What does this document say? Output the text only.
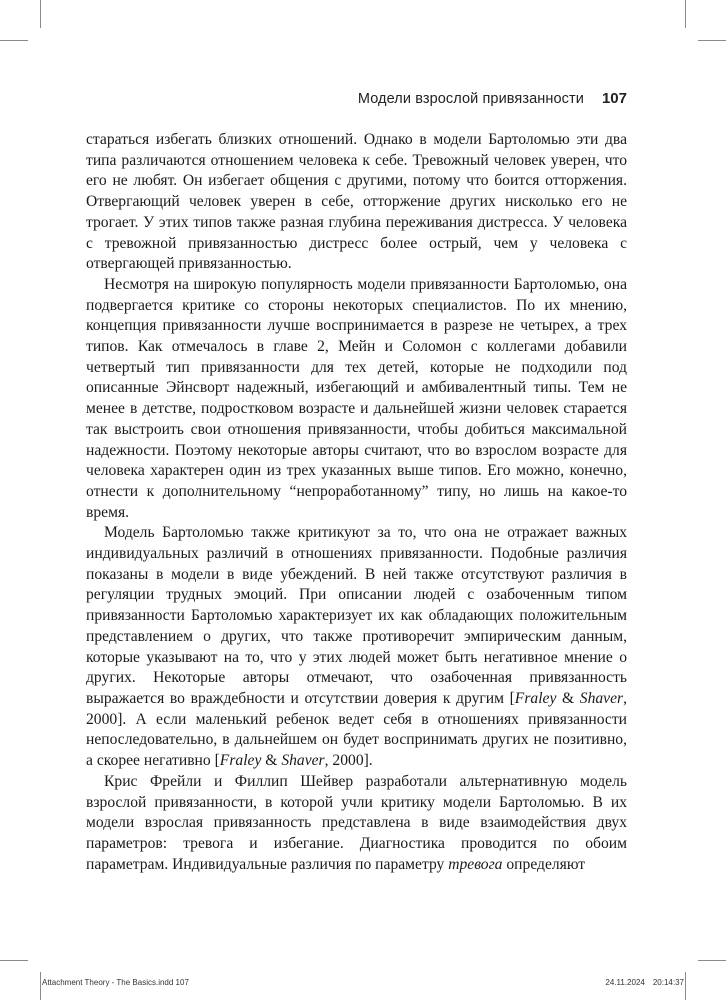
Модели взрослой привязанности 107

стараться избегать близких отношений. Однако в модели Бартоломью эти два типа различаются отношением человека к себе. Тревожный человек уверен, что его не любят. Он избегает общения с другими, потому что боится отторжения. Отвергающий человек уверен в себе, отторжение других нисколько его не трогает. У этих типов также разная глубина переживания дистресса. У человека с тревожной привязанностью дистресс более острый, чем у человека с отвергающей привязанностью.

Несмотря на широкую популярность модели привязанности Бартоломью, она подвергается критике со стороны некоторых специалистов. По их мнению, концепция привязанности лучше воспринимается в разрезе не четырех, а трех типов. Как отмечалось в главе 2, Мейн и Соломон с коллегами добавили четвертый тип привязанности для тех детей, которые не подходили под описанные Эйнсворт надежный, избегающий и амбивалентный типы. Тем не менее в детстве, подростковом возрасте и дальнейшей жизни человек старается так выстроить свои отношения привязанности, чтобы добиться максимальной надежности. Поэтому некоторые авторы считают, что во взрослом возрасте для человека характерен один из трех указанных выше типов. Его можно, конечно, отнести к дополнительному “непроработанному” типу, но лишь на какое-то время.

Модель Бартоломью также критикуют за то, что она не отражает важных индивидуальных различий в отношениях привязанности. Подобные различия показаны в модели в виде убеждений. В ней также отсутствуют различия в регуляции трудных эмоций. При описании людей с озабоченным типом привязанности Бартоломью характеризует их как обладающих положительным представлением о других, что также противоречит эмпирическим данным, которые указывают на то, что у этих людей может быть негативное мнение о других. Некоторые авторы отмечают, что озабоченная привязанность выражается во враждебности и отсутствии доверия к другим [Fraley & Shaver, 2000]. А если маленький ребенок ведет себя в отношениях привязанности непоследовательно, в дальнейшем он будет воспринимать других не позитивно, а скорее негативно [Fraley & Shaver, 2000].

Крис Фрейли и Филлип Шейвер разработали альтернативную модель взрослой привязанности, в которой учли критику модели Бартоломью. В их модели взрослая привязанность представлена в виде взаимодействия двух параметров: тревога и избегание. Диагностика проводится по обоим параметрам. Индивидуальные различия по параметру тревога определяют

Attachment Theory - The Basics.indd 107	24.11.2024 20:14:37
